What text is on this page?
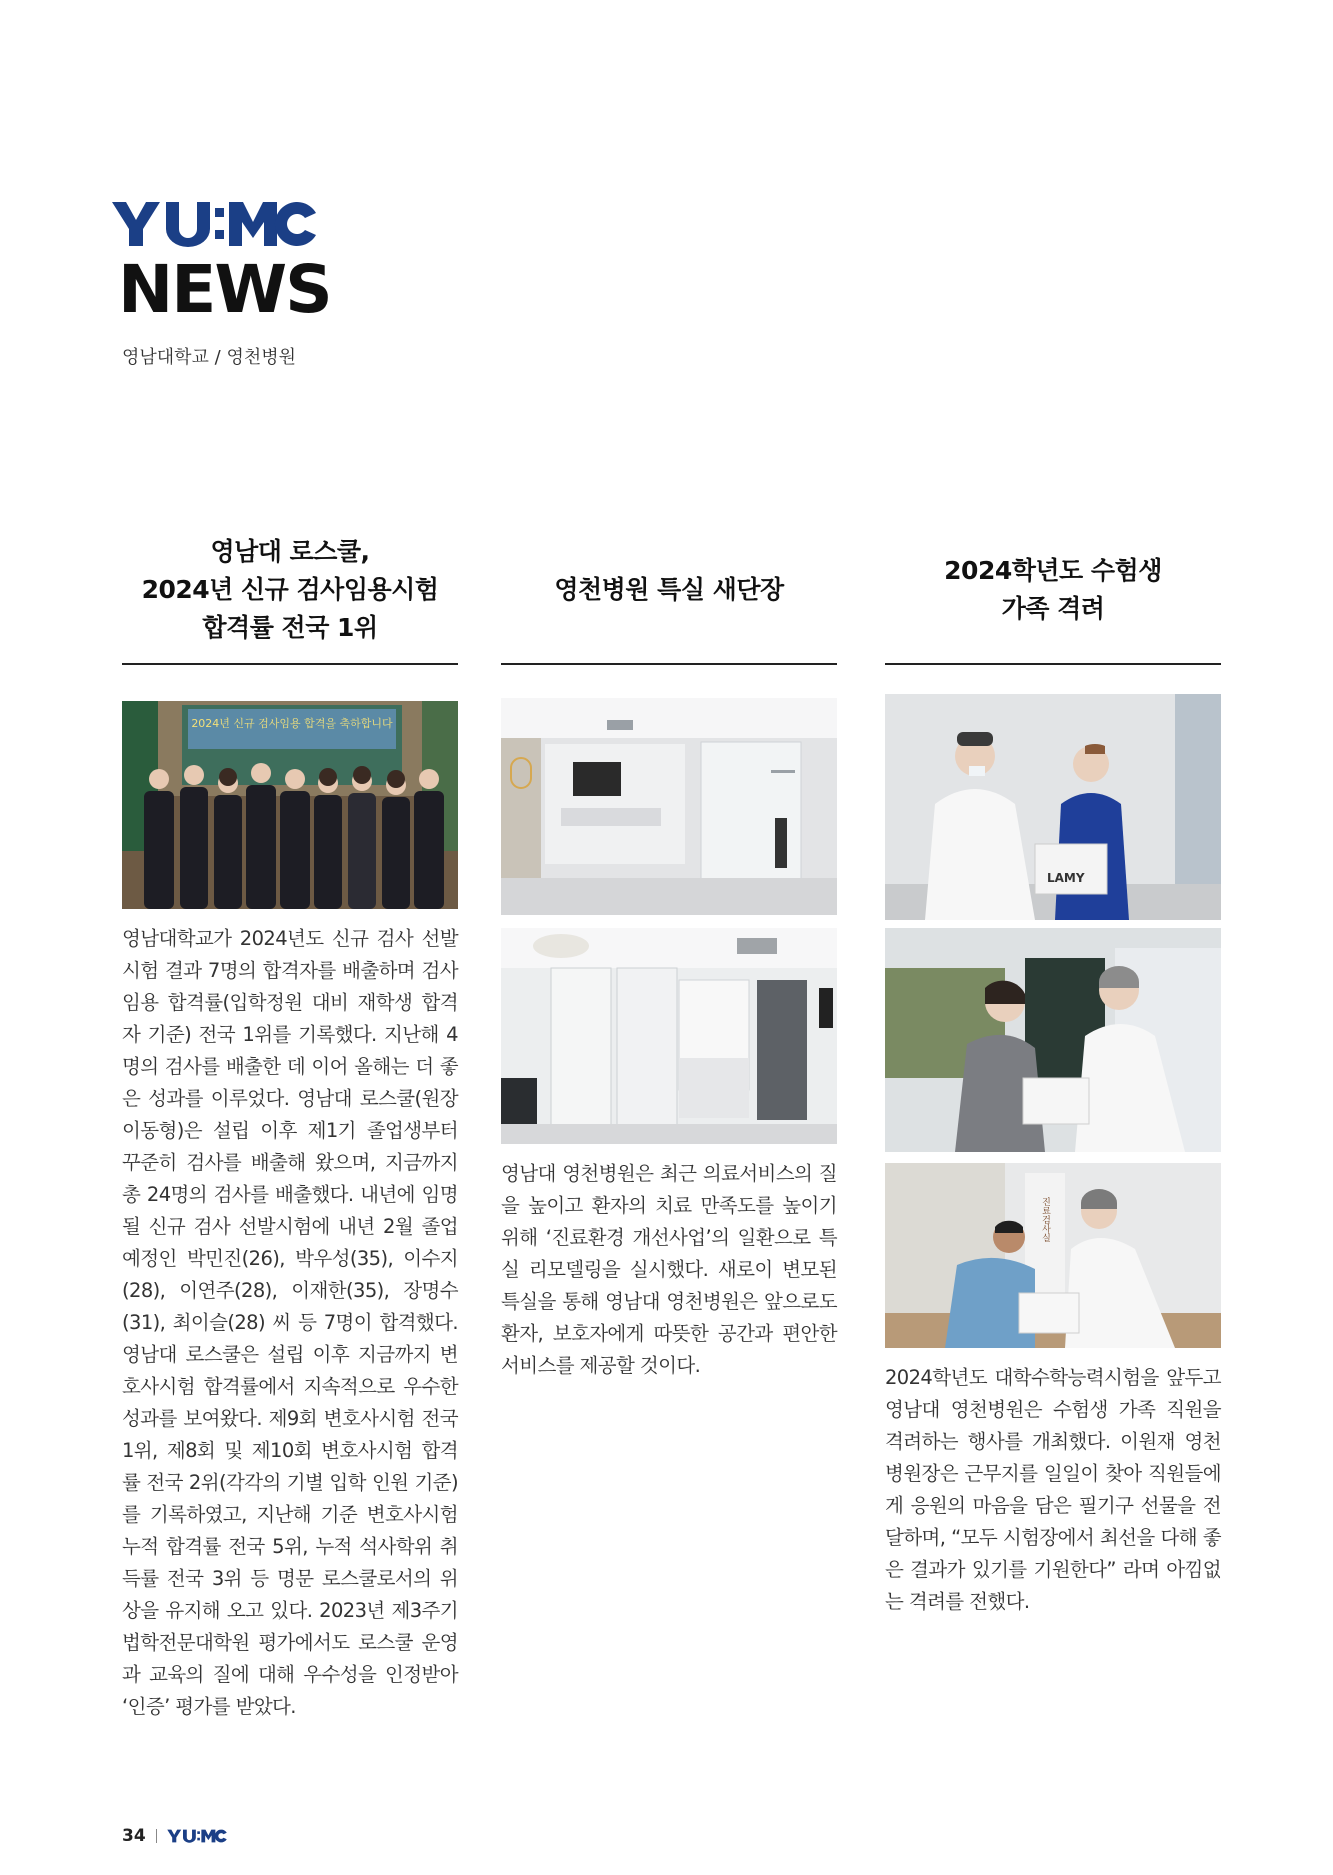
NEWS
영남대학교 / 영천병원
영남대 로스쿨,
2024년 신규 검사임용시험
합격률 전국 1위
2024년 신규 검사임용 합격을 축하합니다
영남대학교가 2024년도 신규 검사 선발시험 결과 7명의 합격자를 배출하며 검사임용 합격률(입학정원 대비 재학생 합격자 기준) 전국 1위를 기록했다. 지난해 4명의 검사를 배출한 데 이어 올해는 더 좋은 성과를 이루었다. 영남대 로스쿨(원장 이동형)은 설립 이후 제1기 졸업생부터 꾸준히 검사를 배출해 왔으며, 지금까지 총 24명의 검사를 배출했다. 내년에 임명될 신규 검사 선발시험에 내년 2월 졸업 예정인 박민진(26), 박우성(35), 이수지(28), 이연주(28), 이재한(35), 장명수(31), 최이슬(28) 씨 등 7명이 합격했다. 영남대 로스쿨은 설립 이후 지금까지 변호사시험 합격률에서 지속적으로 우수한 성과를 보여왔다. 제9회 변호사시험 전국 1위, 제8회 및 제10회 변호사시험 합격률 전국 2위(각각의 기별 입학 인원 기준)를 기록하였고, 지난해 기준 변호사시험 누적 합격률 전국 5위, 누적 석사학위 취득률 전국 3위 등 명문 로스쿨로서의 위상을 유지해 오고 있다. 2023년 제3주기 법학전문대학원 평가에서도 로스쿨 운영과 교육의 질에 대해 우수성을 인정받아 ‘인증’ 평가를 받았다.
영천병원 특실 새단장
영남대 영천병원은 최근 의료서비스의 질을 높이고 환자의 치료 만족도를 높이기 위해 ‘진료환경 개선사업’의 일환으로 특실 리모델링을 실시했다. 새로이 변모된 특실을 통해 영남대 영천병원은 앞으로도 환자, 보호자에게 따뜻한 공간과 편안한 서비스를 제공할 것이다.
2024학년도 수험생
가족 격려
LAMY
진료검사실
2024학년도 대학수학능력시험을 앞두고 영남대 영천병원은 수험생 가족 직원을 격려하는 행사를 개최했다. 이원재 영천병원장은 근무지를 일일이 찾아 직원들에게 응원의 마음을 담은 필기구 선물을 전달하며, “모두 시험장에서 최선을 다해 좋은 결과가 있기를 기원한다” 라며 아낌없는 격려를 전했다.
34
